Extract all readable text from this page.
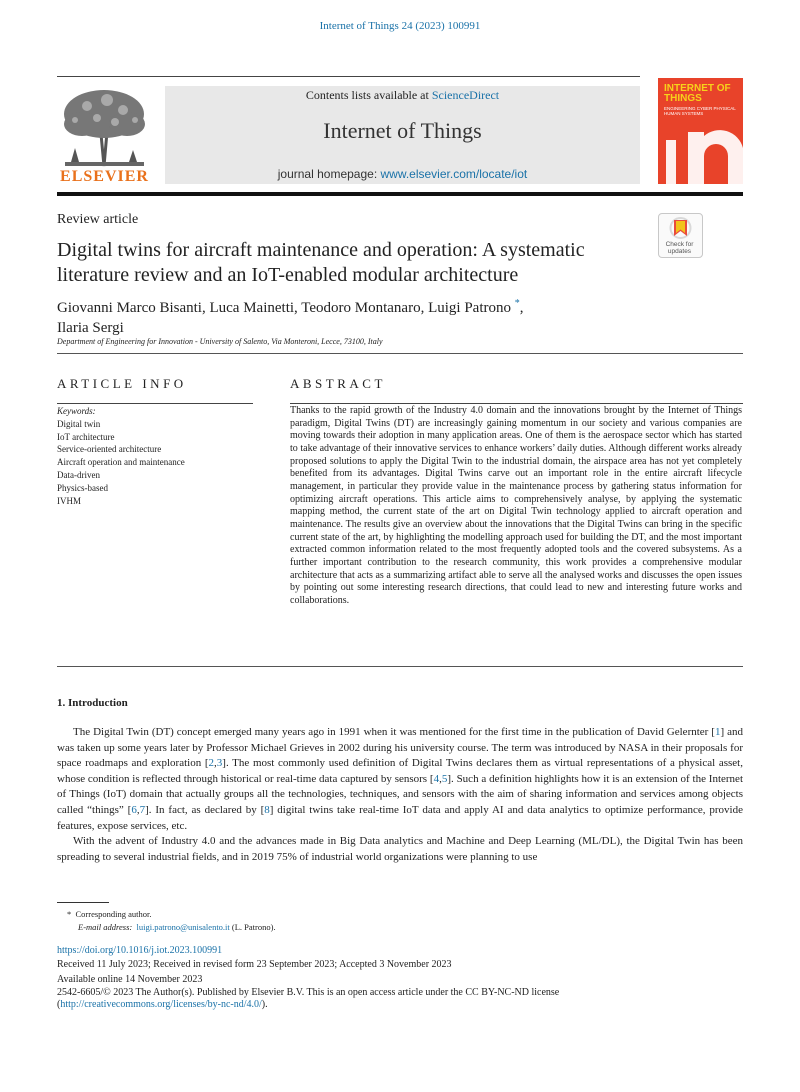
Internet of Things 24 (2023) 100991
ELSEVIER
Contents lists available at ScienceDirect
Internet of Things
journal homepage: www.elsevier.com/locate/iot
INTERNET OF THINGS
ENGINEERING CYBER PHYSICAL HUMAN SYSTEMS
Review article
Check for updates
Digital twins for aircraft maintenance and operation: A systematic literature review and an IoT-enabled modular architecture
Giovanni Marco Bisanti, Luca Mainetti, Teodoro Montanaro, Luigi Patrono *,
Ilaria Sergi
Department of Engineering for Innovation - University of Salento, Via Monteroni, Lecce, 73100, Italy
ARTICLE INFO	ABSTRACT
Keywords:
Digital twin
IoT architecture
Service-oriented architecture
Aircraft operation and maintenance
Data-driven
Physics-based
IVHM
Thanks to the rapid growth of the Industry 4.0 domain and the innovations brought by the Internet of Things paradigm, Digital Twins (DT) are increasingly gaining momentum in our society and various companies are moving towards their adoption in many application areas. One of them is the aerospace sector which has started to take advantage of their innovative services to enhance workers’ daily duties. Although different works already proposed solutions to apply the Digital Twin to the industrial domain, the airspace area has not yet completely benefited from its advantages. Digital Twins carve out an important role in the entire aircraft lifecycle management, in particular they provide value in the maintenance process by gathering status information for optimizing aircraft operations. This article aims to comprehensively analyse, by applying the systematic mapping method, the current state of the art on Digital Twin technology applied to aircraft operation and maintenance. The results give an overview about the innovations that the Digital Twins can bring in the specific current state of the art, by highlighting the modelling approach used for building the DT, and the most important extracted common information related to the most frequently adopted tools and the covered subsystems. As a further important contribution to the research community, this work provides a comprehensive modular architecture that acts as a summarizing artifact able to serve all the analysed works and discusses the open issues by pointing out some interesting research directions, that could lead to new and interesting future works and collaborations.
1. Introduction

The Digital Twin (DT) concept emerged many years ago in 1991 when it was mentioned for the first time in the publication of David Gelernter [1] and was taken up some years later by Professor Michael Grieves in 2002 during his university course. The term was introduced by NASA in their proposals for space roadmaps and exploration [2,3]. The most commonly used definition of Digital Twins declares them as virtual representations of a physical asset, whose condition is reflected through historical or real-time data captured by sensors [4,5]. Such a definition highlights how it is an extension of the Internet of Things (IoT) domain that actually groups all the technologies, techniques, and sensors with the aim of sharing information and services among objects called “things” [6,7]. In fact, as declared by [8] digital twins take real-time IoT data and apply AI and data analytics to optimize performance, provide features, expose services, etc.

With the advent of Industry 4.0 and the advances made in Big Data analytics and Machine and Deep Learning (ML/DL), the Digital Twin has been spreading to several industrial fields, and in 2019 75% of industrial world organizations were planning to use

* Corresponding author.
E-mail address: luigi.patrono@unisalento.it (L. Patrono).
https://doi.org/10.1016/j.iot.2023.100991
Received 11 July 2023; Received in revised form 23 September 2023; Accepted 3 November 2023
Available online 14 November 2023
2542-6605/© 2023 The Author(s). Published by Elsevier B.V. This is an open access article under the CC BY-NC-ND license
(http://creativecommons.org/licenses/by-nc-nd/4.0/).
